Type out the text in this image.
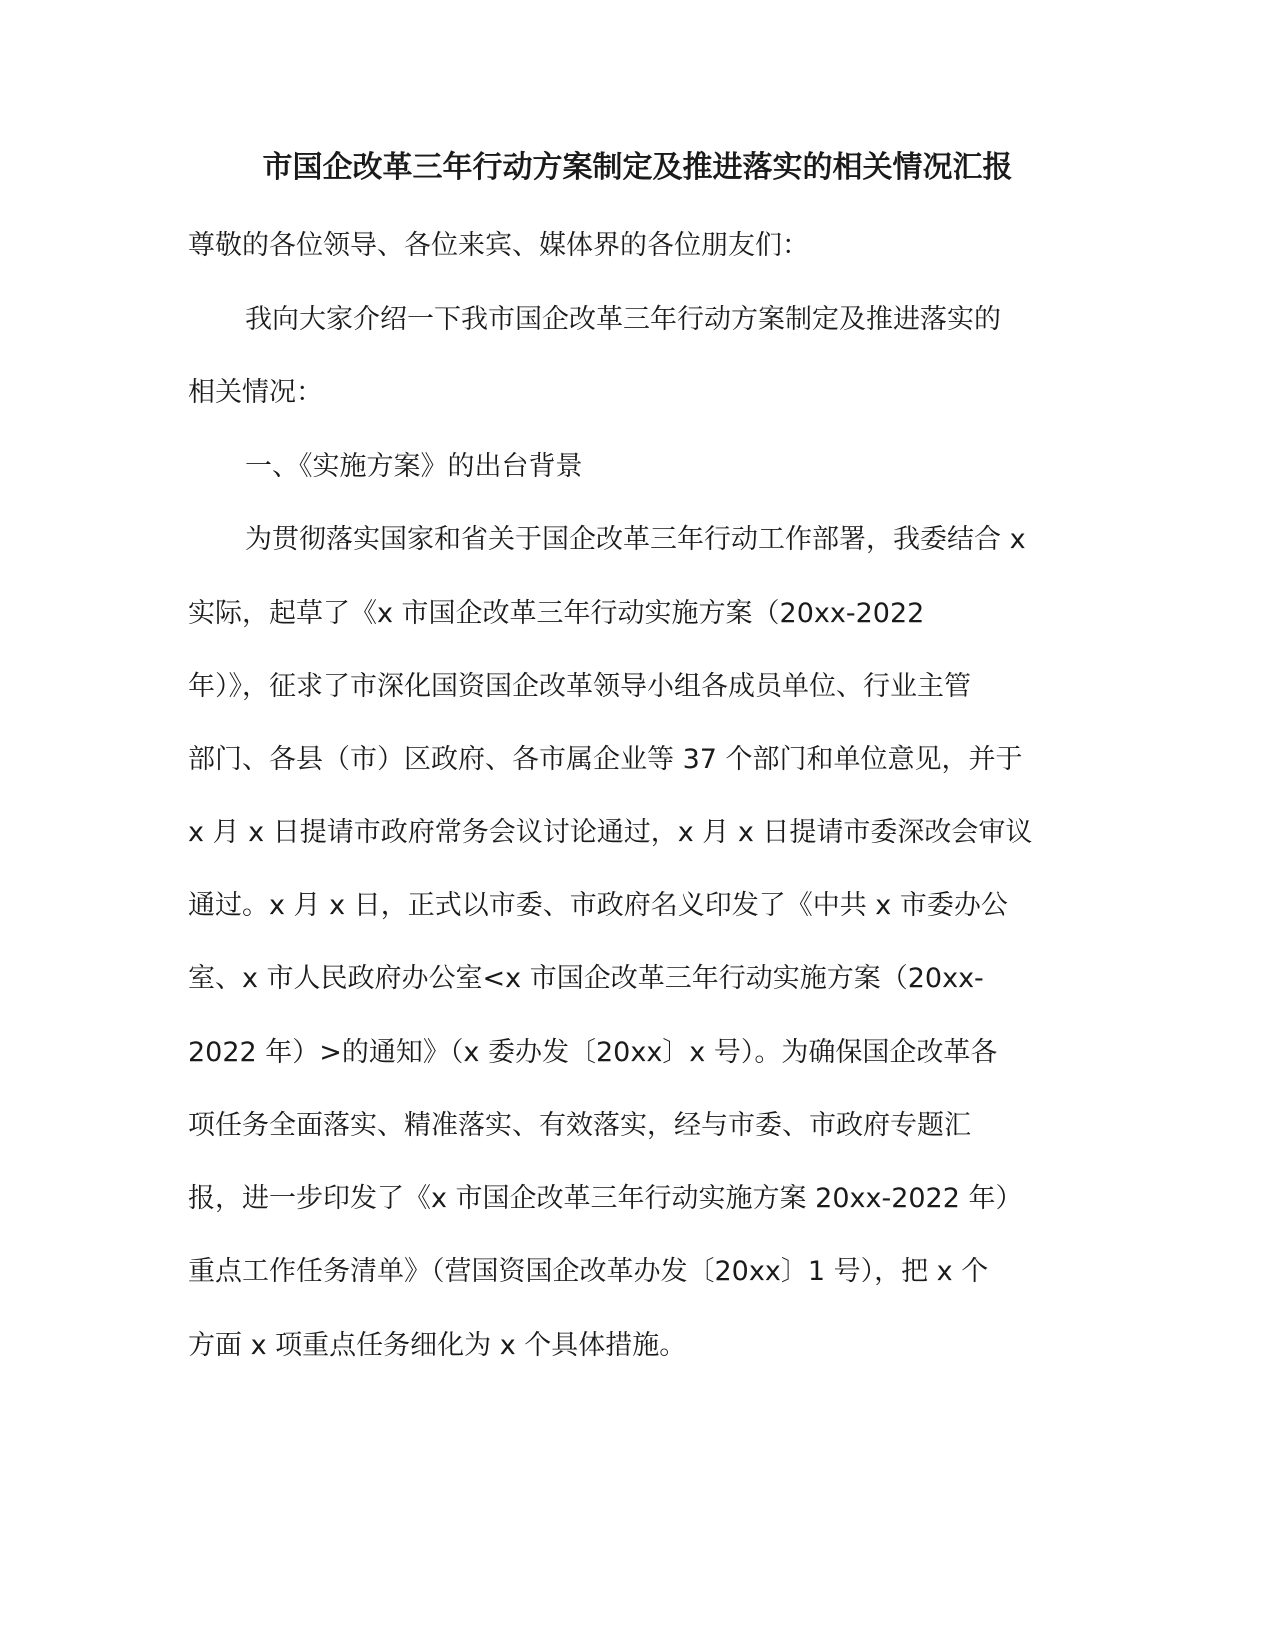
市国企改革三年行动方案制定及推进落实的相关情况汇报
尊敬的各位领导、各位来宾、媒体界的各位朋友们：
我向大家介绍一下我市国企改革三年行动方案制定及推进落实的
相关情况：
一、《实施方案》的出台背景
为贯彻落实国家和省关于国企改革三年行动工作部署，我委结合 x
实际，起草了《x 市国企改革三年行动实施方案（20xx-2022
年）》，征求了市深化国资国企改革领导小组各成员单位、行业主管
部门、各县（市）区政府、各市属企业等 37 个部门和单位意见，并于
x 月 x 日提请市政府常务会议讨论通过，x 月 x 日提请市委深改会审议
通过。x 月 x 日，正式以市委、市政府名义印发了《中共 x 市委办公
室、x 市人民政府办公室<x 市国企改革三年行动实施方案（20xx-
2022 年）>的通知》（x 委办发〔20xx〕x 号）。为确保国企改革各
项任务全面落实、精准落实、有效落实，经与市委、市政府专题汇
报，进一步印发了《x 市国企改革三年行动实施方案 20xx-2022 年）
重点工作任务清单》（营国资国企改革办发〔20xx〕1 号），把 x 个
方面 x 项重点任务细化为 x 个具体措施。
